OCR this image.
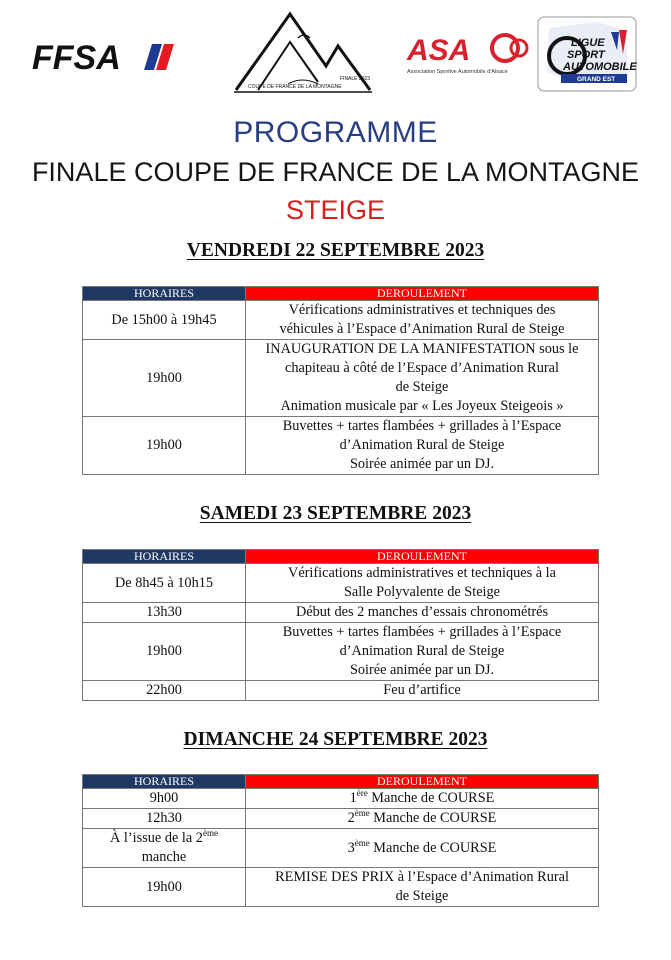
FFSA
COUPE DE FRANCE DE LA MONTAGNE
FINALE 2023
ASA
Association Sportive Automobile d'Alsace
LIGUE
SPORT
AUTOMOBILE
GRAND EST
PROGRAMME
FINALE COUPE DE FRANCE DE LA MONTAGNE
STEIGE
VENDREDI 22 SEPTEMBRE 2023
HORAIRES	DEROULEMENT
De 15h00 à 19h45	Vérifications administratives et techniques des
véhicules à l’Espace d’Animation Rural de Steige

19h00	INAUGURATION DE LA MANIFESTATION sous le
chapiteau à côté de l’Espace d’Animation Rural
de Steige
Animation musicale par « Les Joyeux Steigeois »

19h00	Buvettes + tartes flambées + grillades à l’Espace
d’Animation Rural de Steige
Soirée animée par un DJ.
SAMEDI 23 SEPTEMBRE 2023
HORAIRES	DEROULEMENT
De 8h45 à 10h15	Vérifications administratives et techniques à la
Salle Polyvalente de Steige

13h30	Début des 2 manches d’essais chronométrés

19h00	Buvettes + tartes flambées + grillades à l’Espace
d’Animation Rural de Steige
Soirée animée par un DJ.

22h00	Feu d’artifice
DIMANCHE 24 SEPTEMBRE 2023
HORAIRES	DEROULEMENT
9h00	1ère Manche de COURSE
12h30	2ème Manche de COURSE

À l’issue de la 2ème
manche	3ème Manche de COURSE
19h00	REMISE DES PRIX à l’Espace d’Animation Rural
de Steige
